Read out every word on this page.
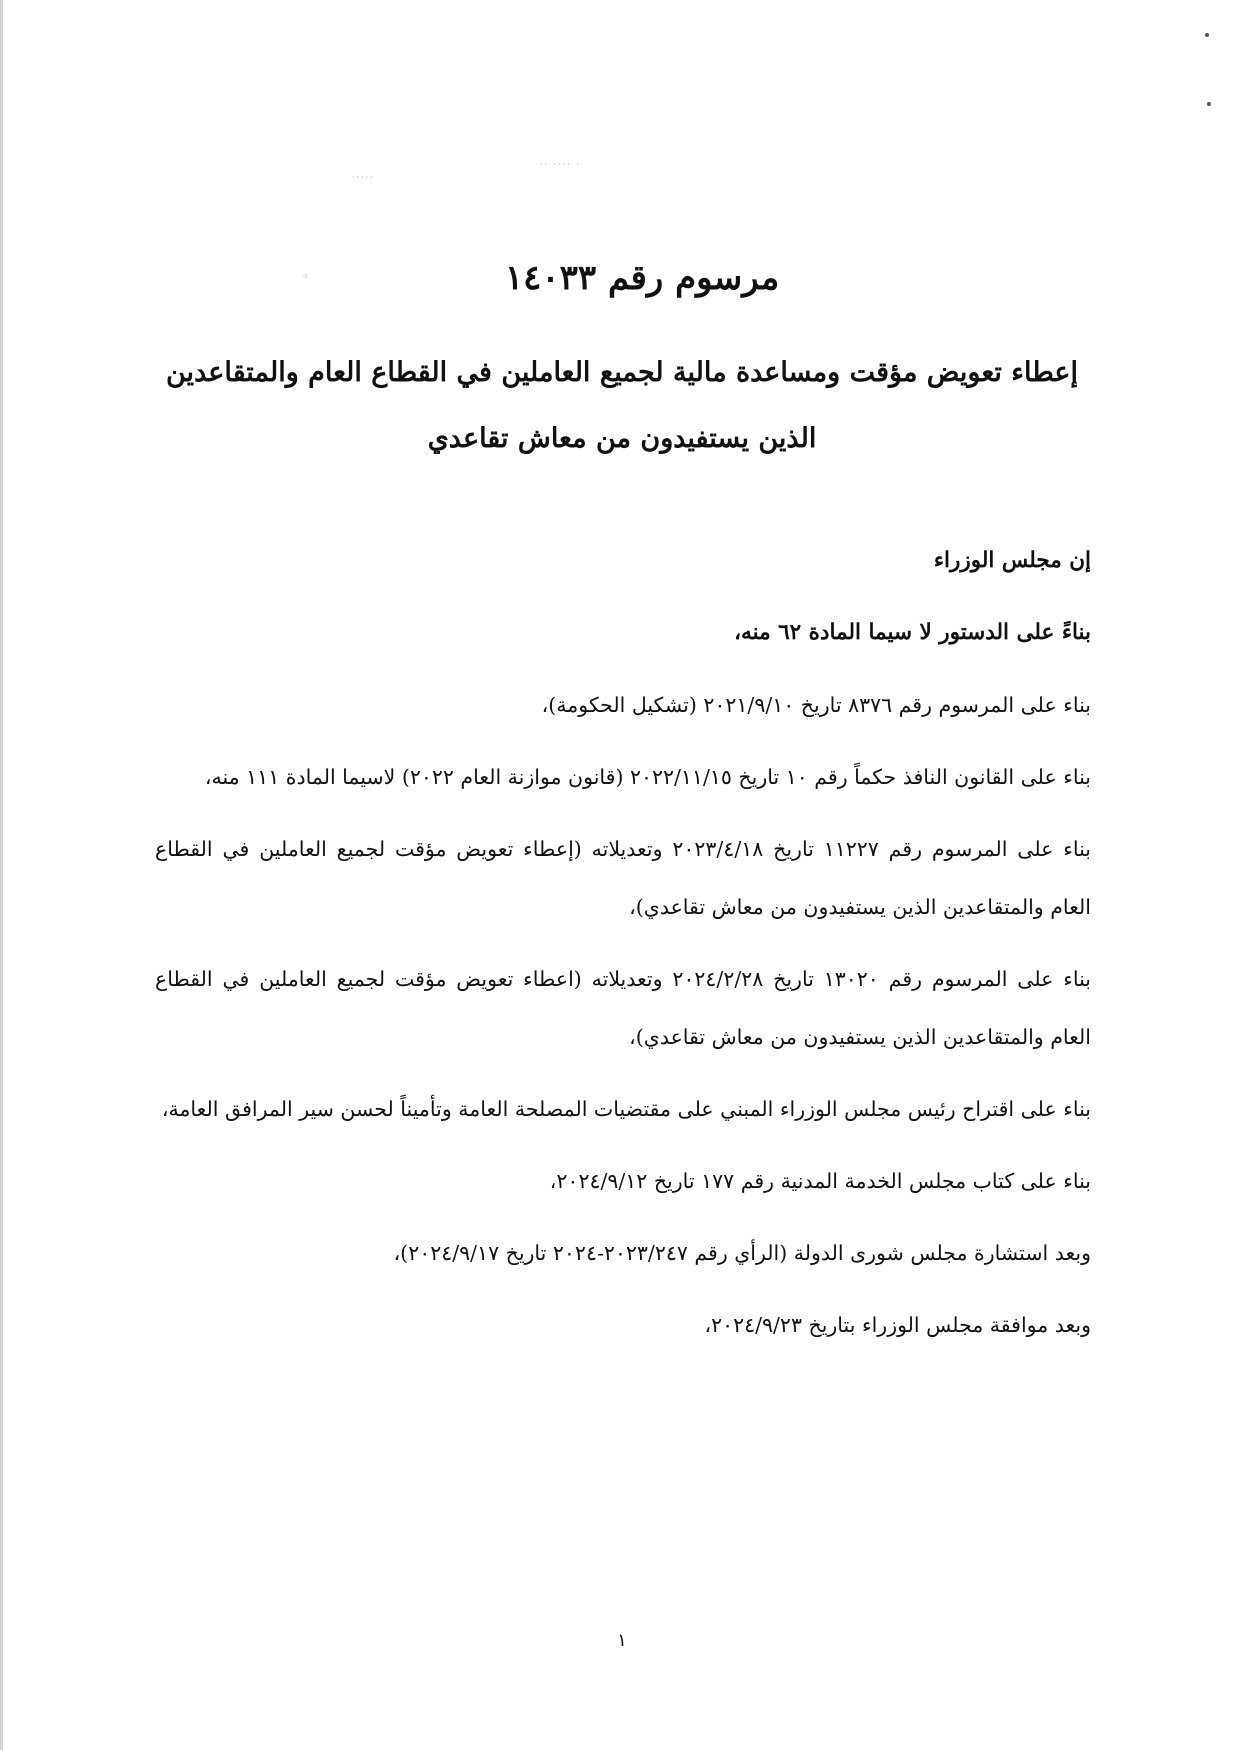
·····
·· ···· ·
⁘	مرسوم رقم ١٤٠٣٣
إعطاء تعويض مؤقت ومساعدة مالية لجميع العاملين في القطاع العام والمتقاعدين
الذين يستفيدون من معاش تقاعدي

إن مجلس الوزراء

بناءً على الدستور لا سيما المادة ٦٢ منه،

بناء على المرسوم رقم ٨٣٧٦ تاريخ ٢٠٢١/٩/١٠ (تشكيل الحكومة)،

بناء على القانون النافذ حكماً رقم ١٠ تاريخ ٢٠٢٢/١١/١٥ (قانون موازنة العام ٢٠٢٢) لاسيما المادة ١١١ منه،

بناء على المرسوم رقم ١١٢٢٧ تاريخ ٢٠٢٣/٤/١٨ وتعديلاته (إعطاء تعويض مؤقت لجميع العاملين في القطاع العام والمتقاعدين الذين يستفيدون من معاش تقاعدي)،

بناء على المرسوم رقم ١٣٠٢٠ تاريخ ٢٠٢٤/٢/٢٨ وتعديلاته (اعطاء تعويض مؤقت لجميع العاملين في القطاع العام والمتقاعدين الذين يستفيدون من معاش تقاعدي)،

بناء على اقتراح رئيس مجلس الوزراء المبني على مقتضيات المصلحة العامة وتأميناً لحسن سير المرافق العامة،

بناء على كتاب مجلس الخدمة المدنية رقم ١٧٧ تاريخ ٢٠٢٤/٩/١٢،

وبعد استشارة مجلس شورى الدولة (الرأي رقم ٢٠٢٣/٢٤٧-٢٠٢٤ تاريخ ٢٠٢٤/٩/١٧)،

وبعد موافقة مجلس الوزراء بتاريخ ٢٠٢٤/٩/٢٣،

١
